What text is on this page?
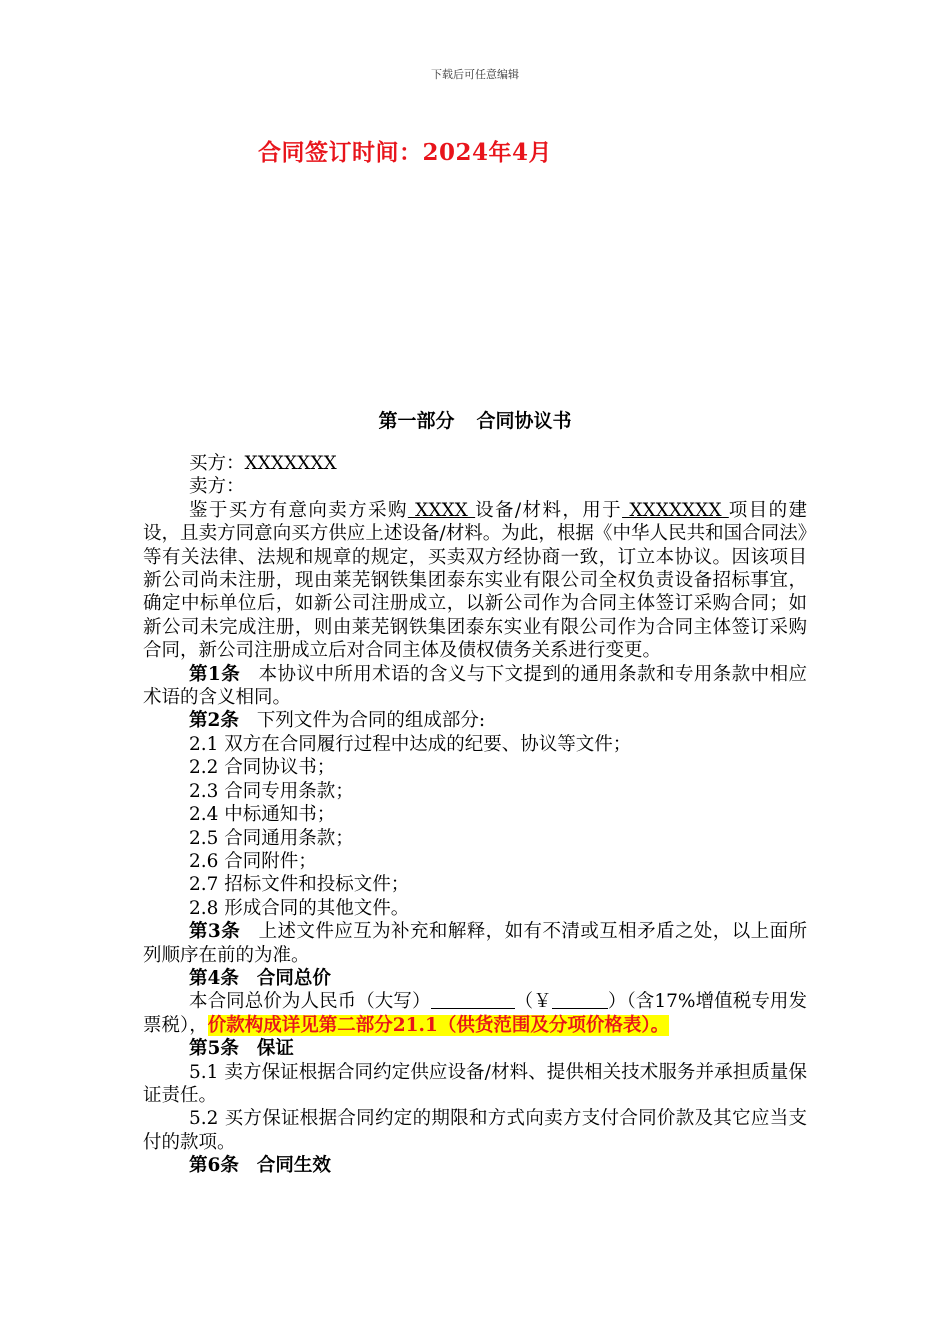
下载后可任意编辑
合同签订时间：2024年4月
第一部分 合同协议书

买方：XXXXXXX

卖方：

鉴于买方有意向卖方采购 XXXX 设备/材料，用于 XXXXXXX 项目的建设，且卖方同意向买方供应上述设备/材料。为此，根据《中华人民共和国合同法》等有关法律、法规和规章的规定，买卖双方经协商一致，订立本协议。因该项目新公司尚未注册，现由莱芜钢铁集团泰东实业有限公司全权负责设备招标事宜，确定中标单位后，如新公司注册成立，以新公司作为合同主体签订采购合同；如新公司未完成注册，则由莱芜钢铁集团泰东实业有限公司作为合同主体签订采购合同，新公司注册成立后对合同主体及债权债务关系进行变更。

第1条 本协议中所用术语的含义与下文提到的通用条款和专用条款中相应术语的含义相同。

第2条 下列文件为合同的组成部分:

2.1 双方在合同履行过程中达成的纪要、协议等文件；

2.2 合同协议书；

2.3 合同专用条款；

2.4 中标通知书；

2.5 合同通用条款；

2.6 合同附件；

2.7 招标文件和投标文件；

2.8 形成合同的其他文件。

第3条 上述文件应互为补充和解释，如有不清或互相矛盾之处，以上面所列顺序在前的为准。

第4条 合同总价

本合同总价为人民币（大写）	（￥	）（含17%增值税专用发票税），价款构成详见第二部分21.1（供货范围及分项价格表）。

第5条 保证

5.1 卖方保证根据合同约定供应设备/材料、提供相关技术服务并承担质量保证责任。

5.2 买方保证根据合同约定的期限和方式向卖方支付合同价款及其它应当支付的款项。

第6条 合同生效
